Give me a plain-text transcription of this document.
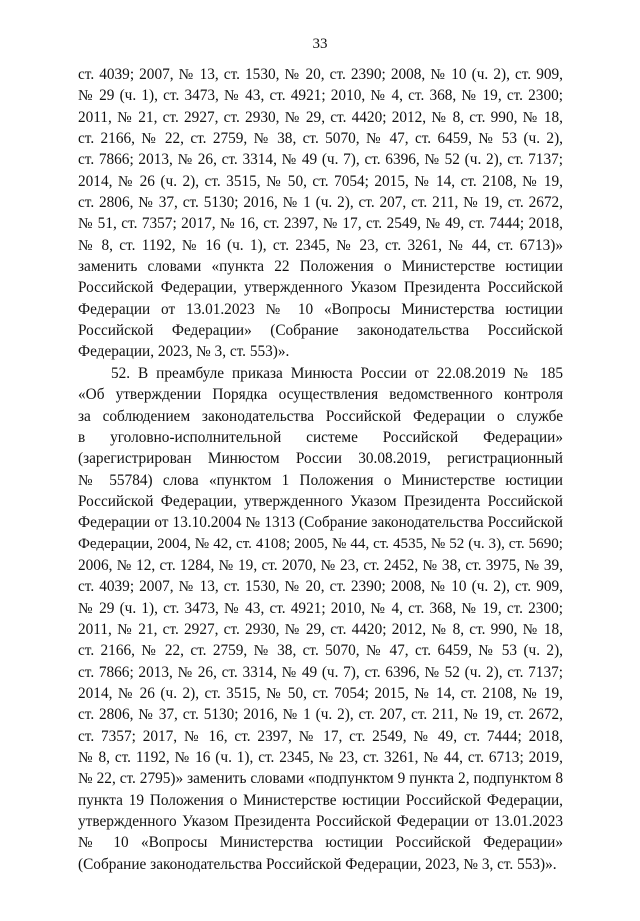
33
ст. 4039; 2007, № 13, ст. 1530, № 20, ст. 2390; 2008, № 10 (ч. 2), ст. 909,
№ 29 (ч. 1), ст. 3473, № 43, ст. 4921; 2010, № 4, ст. 368, № 19, ст. 2300;
2011, № 21, ст. 2927, ст. 2930, № 29, ст. 4420; 2012, № 8, ст. 990, № 18,
ст. 2166, № 22, ст. 2759, № 38, ст. 5070, № 47, ст. 6459, № 53 (ч. 2),
ст. 7866; 2013, № 26, ст. 3314, № 49 (ч. 7), ст. 6396, № 52 (ч. 2), ст. 7137;
2014, № 26 (ч. 2), ст. 3515, № 50, ст. 7054; 2015, № 14, ст. 2108, № 19,
ст. 2806, № 37, ст. 5130; 2016, № 1 (ч. 2), ст. 207, ст. 211, № 19, ст. 2672,
№ 51, ст. 7357; 2017, № 16, ст. 2397, № 17, ст. 2549, № 49, ст. 7444; 2018,
№ 8, ст. 1192, № 16 (ч. 1), ст. 2345, № 23, ст. 3261, № 44, ст. 6713)»
заменить словами «пункта 22 Положения о Министерстве юстиции
Российской Федерации, утвержденного Указом Президента Российской
Федерации от 13.01.2023 № 10 «Вопросы Министерства юстиции
Российской Федерации» (Собрание законодательства Российской
Федерации, 2023, № 3, ст. 553)».
52. В преамбуле приказа Минюста России от 22.08.2019 № 185
«Об утверждении Порядка осуществления ведомственного контроля
за соблюдением законодательства Российской Федерации о службе
в уголовно-исполнительной системе Российской Федерации»
(зарегистрирован Минюстом России 30.08.2019, регистрационный
№ 55784) слова «пунктом 1 Положения о Министерстве юстиции
Российской Федерации, утвержденного Указом Президента Российской
Федерации от 13.10.2004 № 1313 (Собрание законодательства Российской
Федерации, 2004, № 42, ст. 4108; 2005, № 44, ст. 4535, № 52 (ч. 3), ст. 5690;
2006, № 12, ст. 1284, № 19, ст. 2070, № 23, ст. 2452, № 38, ст. 3975, № 39,
ст. 4039; 2007, № 13, ст. 1530, № 20, ст. 2390; 2008, № 10 (ч. 2), ст. 909,
№ 29 (ч. 1), ст. 3473, № 43, ст. 4921; 2010, № 4, ст. 368, № 19, ст. 2300;
2011, № 21, ст. 2927, ст. 2930, № 29, ст. 4420; 2012, № 8, ст. 990, № 18,
ст. 2166, № 22, ст. 2759, № 38, ст. 5070, № 47, ст. 6459, № 53 (ч. 2),
ст. 7866; 2013, № 26, ст. 3314, № 49 (ч. 7), ст. 6396, № 52 (ч. 2), ст. 7137;
2014, № 26 (ч. 2), ст. 3515, № 50, ст. 7054; 2015, № 14, ст. 2108, № 19,
ст. 2806, № 37, ст. 5130; 2016, № 1 (ч. 2), ст. 207, ст. 211, № 19, ст. 2672,
ст. 7357; 2017, № 16, ст. 2397, № 17, ст. 2549, № 49, ст. 7444; 2018,
№ 8, ст. 1192, № 16 (ч. 1), ст. 2345, № 23, ст. 3261, № 44, ст. 6713; 2019,
№ 22, ст. 2795)» заменить словами «подпунктом 9 пункта 2, подпунктом 8
пункта 19 Положения о Министерстве юстиции Российской Федерации,
утвержденного Указом Президента Российской Федерации от 13.01.2023
№ 10 «Вопросы Министерства юстиции Российской Федерации»
(Собрание законодательства Российской Федерации, 2023, № 3, ст. 553)».
